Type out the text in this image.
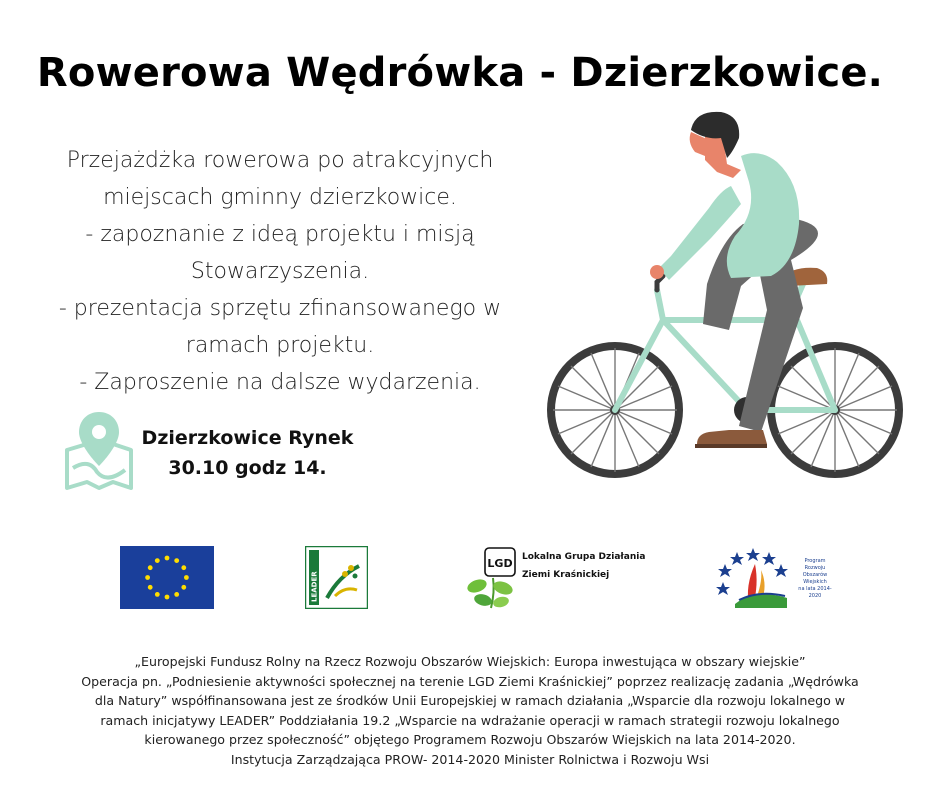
Rowerowa Wędrówka - Dzierzkowice.
Przejażdżka rowerowa po atrakcyjnych
miejscach gminny dzierzkowice.
- zapoznanie z ideą projektu i misją
Stowarzyszenia.
- prezentacja sprzętu zfinansowanego w
ramach projektu.
- Zaproszenie na dalsze wydarzenia.
Dzierzkowice Rynek
30.10 godz 14.
LEADER
LGD Lokalna Grupa Działania
Ziemi Kraśnickiej
Program
Rozwoju
Obszarów
Wiejskich
na lata 2014-2020
„Europejski Fundusz Rolny na Rzecz Rozwoju Obszarów Wiejskich: Europa inwestująca w obszary wiejskie”
Operacja pn. „Podniesienie aktywności społecznej na terenie LGD Ziemi Kraśnickiej” poprzez realizację zadania „Wędrówka
dla Natury” współfinansowana jest ze środków Unii Europejskiej w ramach działania „Wsparcie dla rozwoju lokalnego w
ramach inicjatywy LEADER” Poddziałania 19.2 „Wsparcie na wdrażanie operacji w ramach strategii rozwoju lokalnego
kierowanego przez społeczność” objętego Programem Rozwoju Obszarów Wiejskich na lata 2014-2020.
Instytucja Zarządzająca PROW- 2014-2020 Minister Rolnictwa i Rozwoju Wsi
